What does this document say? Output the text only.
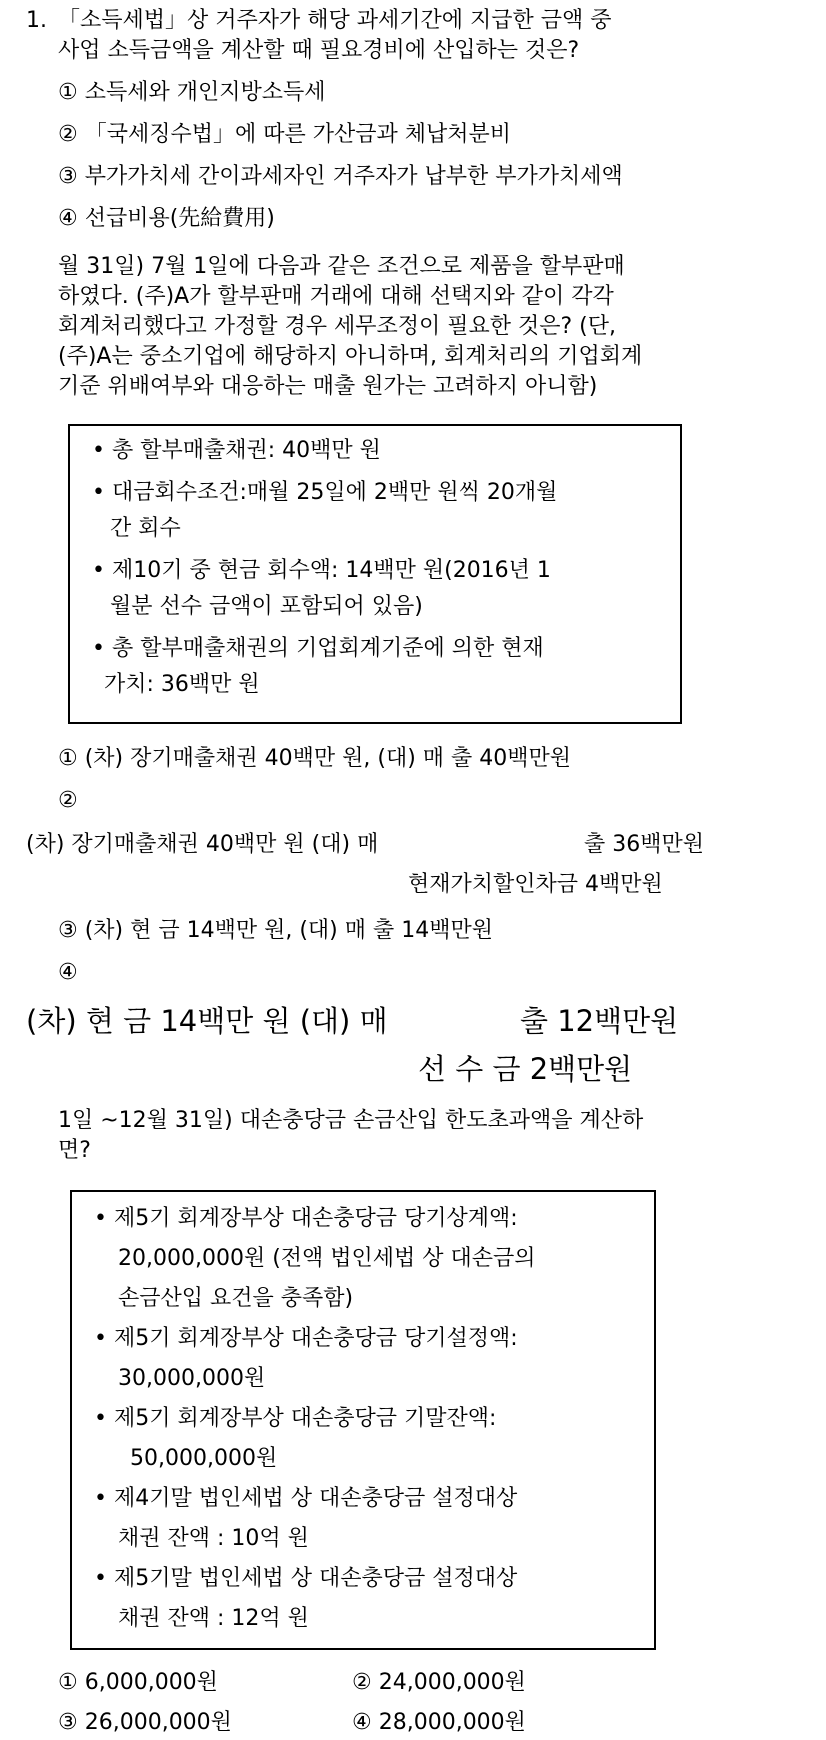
1. 「소득세법」상 거주자가 해당 과세기간에 지급한 금액 중
사업 소득금액을 계산할 때 필요경비에 산입하는 것은?
① 소득세와 개인지방소득세
② 「국세징수법」에 따른 가산금과 체납처분비
③ 부가가치세 간이과세자인 거주자가 납부한 부가가치세액
④ 선급비용(先給費用)
월 31일) 7월 1일에 다음과 같은 조건으로 제품을 할부판매
하였다. (주)A가 할부판매 거래에 대해 선택지와 같이 각각
회계처리했다고 가정할 경우 세무조정이 필요한 것은? (단,
(주)A는 중소기업에 해당하지 아니하며, 회계처리의 기업회계
기준 위배여부와 대응하는 매출 원가는 고려하지 아니함)
• 총 할부매출채권: 40백만 원
• 대금회수조건:매월 25일에 2백만 원씩 20개월
간 회수
• 제10기 중 현금 회수액: 14백만 원(2016년 1
월분 선수 금액이 포함되어 있음)
• 총 할부매출채권의 기업회계기준에 의한 현재
가치: 36백만 원
① (차) 장기매출채권 40백만 원, (대) 매 출 40백만원
②
(차) 장기매출채권 40백만 원 (대) 매	출 36백만원
현재가치할인차금 4백만원
③ (차) 현 금 14백만 원, (대) 매 출 14백만원
④
(차) 현 금 14백만 원 (대) 매	출 12백만원
선 수 금 2백만원
1일 ~12월 31일) 대손충당금 손금산입 한도초과액을 계산하
면?
• 제5기 회계장부상 대손충당금 당기상계액:
20,000,000원 (전액 법인세법 상 대손금의
손금산입 요건을 충족함)
• 제5기 회계장부상 대손충당금 당기설정액:
30,000,000원
• 제5기 회계장부상 대손충당금 기말잔액:
50,000,000원
• 제4기말 법인세법 상 대손충당금 설정대상
채권 잔액 : 10억 원
• 제5기말 법인세법 상 대손충당금 설정대상
채권 잔액 : 12억 원
① 6,000,000원	② 24,000,000원
③ 26,000,000원	④ 28,000,000원
